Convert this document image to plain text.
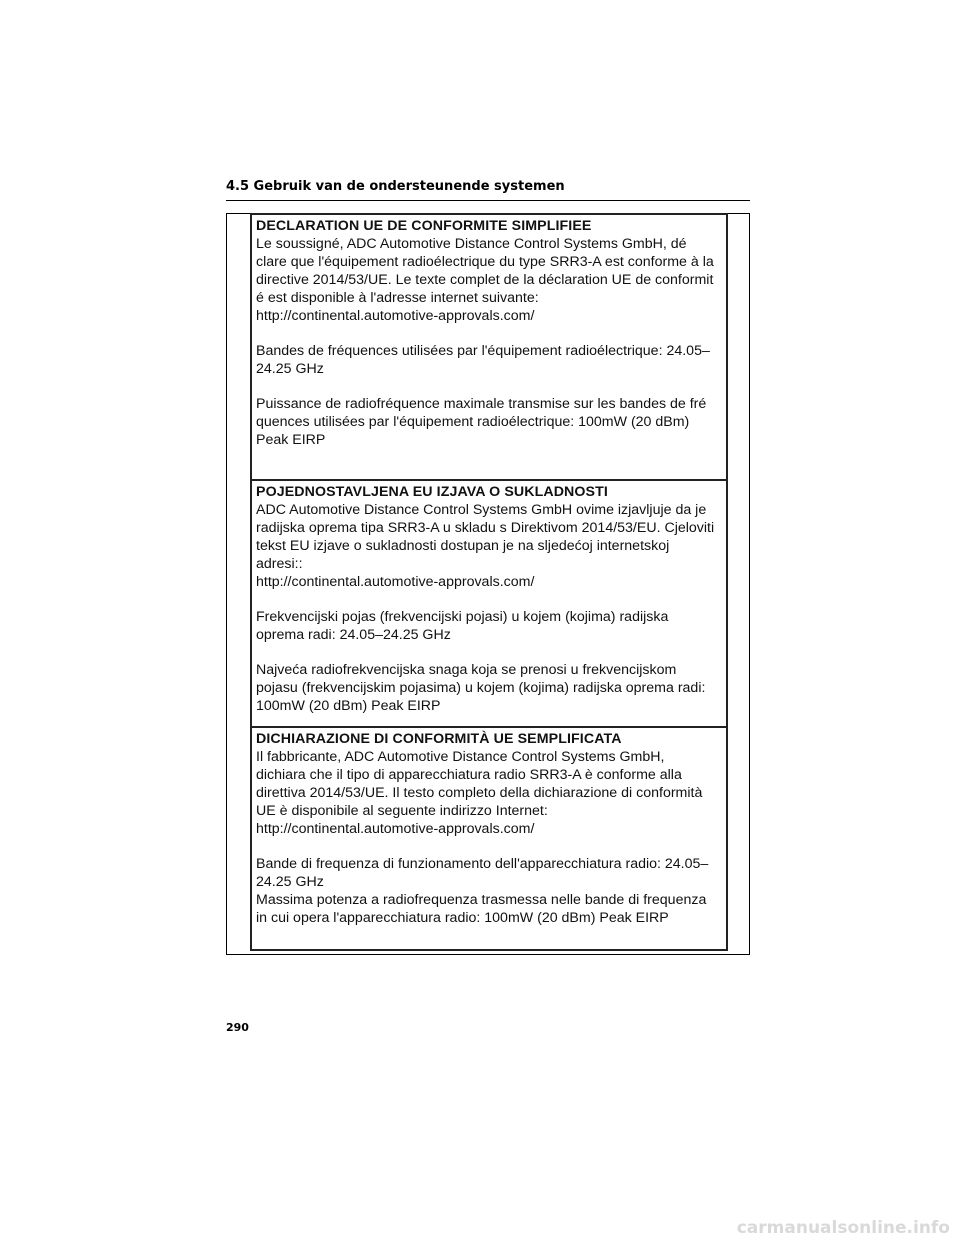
4.5 Gebruik van de ondersteunende systemen

DECLARATION UE DE CONFORMITE SIMPLIFIEE

Le soussigné, ADC Automotive Distance Control Systems GmbH, dé
clare que l'équipement radioélectrique du type SRR3-A est conforme à la
directive 2014/53/UE. Le texte complet de la déclaration UE de conformit
é est disponible à l'adresse internet suivante:
http://continental.automotive-approvals.com/

Bandes de fréquences utilisées par l'équipement radioélectrique: 24.05–
24.25 GHz

Puissance de radiofréquence maximale transmise sur les bandes de fré
quences utilisées par l'équipement radioélectrique: 100mW (20 dBm)
Peak EIRP

POJEDNOSTAVLJENA EU IZJAVA O SUKLADNOSTI

ADC Automotive Distance Control Systems GmbH ovime izjavljuje da je
radijska oprema tipa SRR3-A u skladu s Direktivom 2014/53/EU. Cjeloviti
tekst EU izjave o sukladnosti dostupan je na sljedećoj internetskoj
adresi::
http://continental.automotive-approvals.com/

Frekvencijski pojas (frekvencijski pojasi) u kojem (kojima) radijska
oprema radi: 24.05–24.25 GHz

Najveća radiofrekvencijska snaga koja se prenosi u frekvencijskom
pojasu (frekvencijskim pojasima) u kojem (kojima) radijska oprema radi:
100mW (20 dBm) Peak EIRP

DICHIARAZIONE DI CONFORMITÀ UE SEMPLIFICATA

Il fabbricante, ADC Automotive Distance Control Systems GmbH,
dichiara che il tipo di apparecchiatura radio SRR3-A è conforme alla
direttiva 2014/53/UE. Il testo completo della dichiarazione di conformità
UE è disponibile al seguente indirizzo Internet:
http://continental.automotive-approvals.com/

Bande di frequenza di funzionamento dell'apparecchiatura radio: 24.05–
24.25 GHz
Massima potenza a radiofrequenza trasmessa nelle bande di frequenza
in cui opera l'apparecchiatura radio: 100mW (20 dBm) Peak EIRP

290
carmanualsonline.info
